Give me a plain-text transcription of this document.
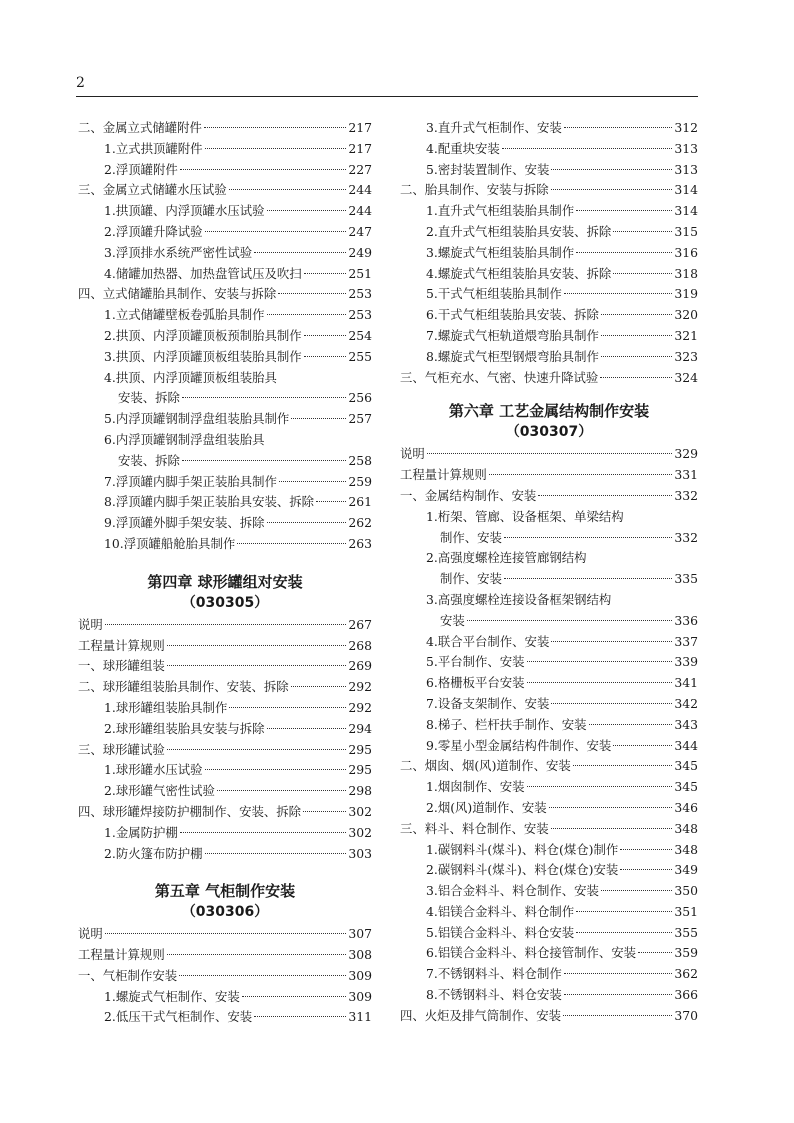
2
二、金属立式储罐附件	217
1.立式拱顶罐附件	217
2.浮顶罐附件	227
三、金属立式储罐水压试验	244
1.拱顶罐、内浮顶罐水压试验	244
2.浮顶罐升降试验	247
3.浮顶排水系统严密性试验	249
4.储罐加热器、加热盘管试压及吹扫	251
四、立式储罐胎具制作、安装与拆除	253
1.立式储罐壁板卷弧胎具制作	253
2.拱顶、内浮顶罐顶板预制胎具制作	254
3.拱顶、内浮顶罐顶板组装胎具制作	255
4.拱顶、内浮顶罐顶板组装胎具
安装、拆除	256
5.内浮顶罐钢制浮盘组装胎具制作	257
6.内浮顶罐钢制浮盘组装胎具
安装、拆除	258
7.浮顶罐内脚手架正装胎具制作	259
8.浮顶罐内脚手架正装胎具安装、拆除	261
9.浮顶罐外脚手架安装、拆除	262
10.浮顶罐船舱胎具制作	263
第四章 球形罐组对安装
（030305）
说明	267
工程量计算规则	268
一、球形罐组装	269
二、球形罐组装胎具制作、安装、拆除	292
1.球形罐组装胎具制作	292
2.球形罐组装胎具安装与拆除	294
三、球形罐试验	295
1.球形罐水压试验	295
2.球形罐气密性试验	298
四、球形罐焊接防护棚制作、安装、拆除	302
1.金属防护棚	302
2.防火篷布防护棚	303
第五章 气柜制作安装
（030306）
说明	307
工程量计算规则	308
一、气柜制作安装	309
1.螺旋式气柜制作、安装	309
2.低压干式气柜制作、安装	311
3.直升式气柜制作、安装	312
4.配重块安装	313
5.密封装置制作、安装	313
二、胎具制作、安装与拆除	314
1.直升式气柜组装胎具制作	314
2.直升式气柜组装胎具安装、拆除	315
3.螺旋式气柜组装胎具制作	316
4.螺旋式气柜组装胎具安装、拆除	318
5.干式气柜组装胎具制作	319
6.干式气柜组装胎具安装、拆除	320
7.螺旋式气柜轨道煨弯胎具制作	321
8.螺旋式气柜型钢煨弯胎具制作	323
三、气柜充水、气密、快速升降试验	324
第六章 工艺金属结构制作安装
（030307）
说明	329
工程量计算规则	331
一、金属结构制作、安装	332
1.桁架、管廊、设备框架、单梁结构
制作、安装	332
2.高强度螺栓连接管廊钢结构
制作、安装	335
3.高强度螺栓连接设备框架钢结构
安装	336
4.联合平台制作、安装	337
5.平台制作、安装	339
6.格栅板平台安装	341
7.设备支架制作、安装	342
8.梯子、栏杆扶手制作、安装	343
9.零星小型金属结构件制作、安装	344
二、烟囱、烟(风)道制作、安装	345
1.烟囱制作、安装	345
2.烟(风)道制作、安装	346
三、料斗、料仓制作、安装	348
1.碳钢料斗(煤斗)、料仓(煤仓)制作	348
2.碳钢料斗(煤斗)、料仓(煤仓)安装	349
3.铝合金料斗、料仓制作、安装	350
4.铝镁合金料斗、料仓制作	351
5.铝镁合金料斗、料仓安装	355
6.铝镁合金料斗、料仓接管制作、安装	359
7.不锈钢料斗、料仓制作	362
8.不锈钢料斗、料仓安装	366
四、火炬及排气筒制作、安装	370
